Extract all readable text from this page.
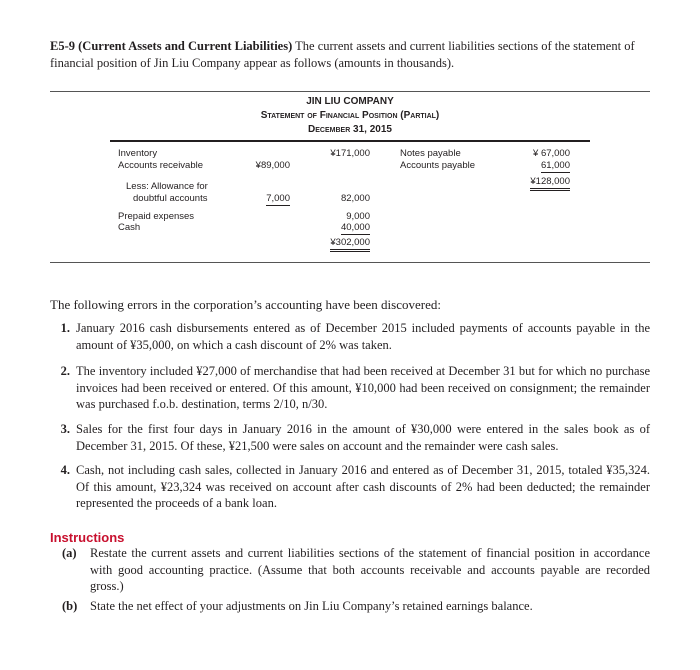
E5-9 (Current Assets and Current Liabilities) The current assets and current liabilities sections of the statement of financial position of Jin Liu Company appear as follows (amounts in thousands).
JIN LIU COMPANY
Statement of Financial Position (Partial)
December 31, 2015
Inventory	¥171,000
Accounts receivable	¥89,000
Less: Allowance for
doubtful accounts	7,000	82,000
Prepaid expenses	9,000
Cash	40,000
¥302,000
Notes payable	¥ 67,000
Accounts payable	61,000
¥128,000
The following errors in the corporation’s accounting have been discovered:
1. January 2016 cash disbursements entered as of December 2015 included payments of accounts payable in the amount of ¥35,000, on which a cash discount of 2% was taken.
2. The inventory included ¥27,000 of merchandise that had been received at December 31 but for which no purchase invoices had been received or entered. Of this amount, ¥10,000 had been received on consignment; the remainder was purchased f.o.b. destination, terms 2/10, n/30.
3. Sales for the first four days in January 2016 in the amount of ¥30,000 were entered in the sales book as of December 31, 2015. Of these, ¥21,500 were sales on account and the remainder were cash sales.
4. Cash, not including cash sales, collected in January 2016 and entered as of December 31, 2015, totaled ¥35,324. Of this amount, ¥23,324 was received on account after cash discounts of 2% had been deducted; the remainder represented the proceeds of a bank loan.
Instructions
(a)	Restate the current assets and current liabilities sections of the statement of financial position in accordance with good accounting practice. (Assume that both accounts receivable and accounts payable are recorded gross.)
(b)	State the net effect of your adjustments on Jin Liu Company’s retained earnings balance.
